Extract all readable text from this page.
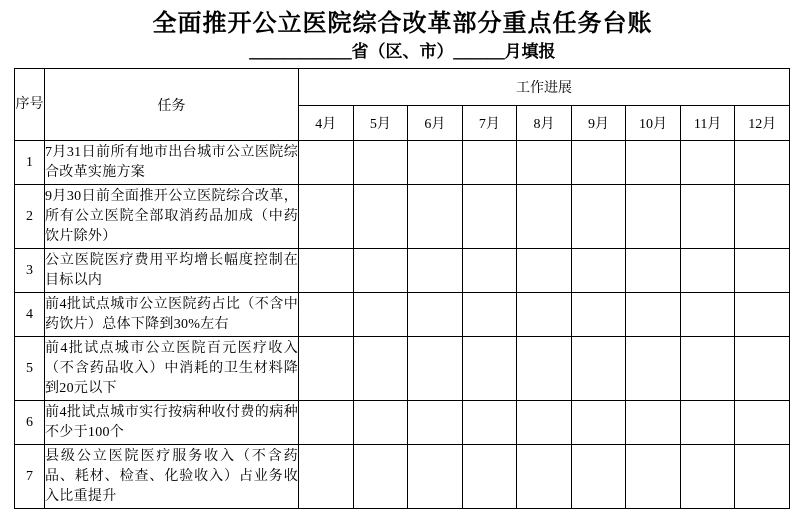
全面推开公立医院综合改革部分重点任务台账
＿＿＿＿＿＿省（区、市）＿＿＿月填报
序号	任务	工作进展								
		4月	5月	6月	7月	8月	9月	10月	11月	12月
1	7月31日前所有地市出台城市公立医院综合改革实施方案									
2	9月30日前全面推开公立医院综合改革，所有公立医院全部取消药品加成（中药饮片除外）									
3	公立医院医疗费用平均增长幅度控制在目标以内									
4	前4批试点城市公立医院药占比（不含中药饮片）总体下降到30%左右									
5	前4批试点城市公立医院百元医疗收入（不含药品收入）中消耗的卫生材料降到20元以下									
6	前4批试点城市实行按病种收付费的病种不少于100个									
7	县级公立医院医疗服务收入（不含药品、耗材、检查、化验收入）占业务收入比重提升									
